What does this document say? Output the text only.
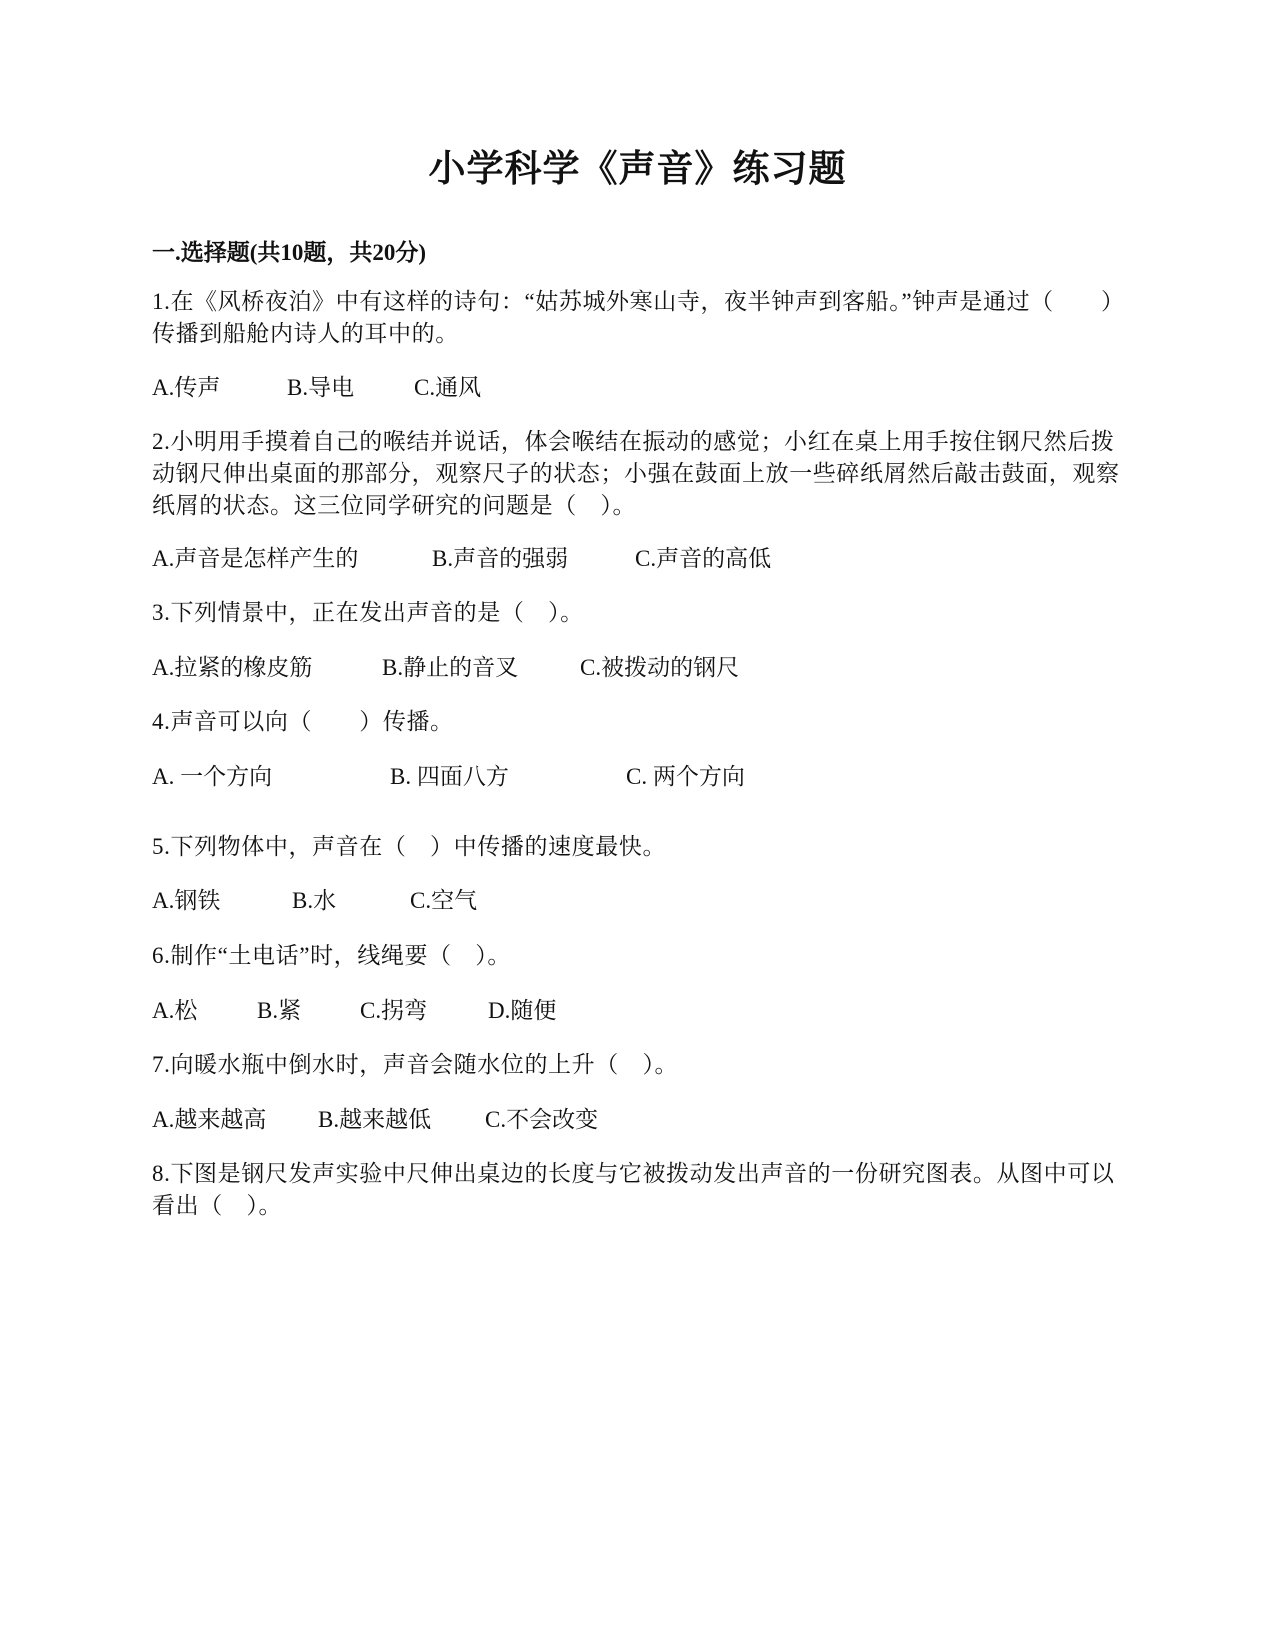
小学科学《声音》练习题
一.选择题(共10题，共20分)
1.在《风桥夜泊》中有这样的诗句：“姑苏城外寒山寺，夜半钟声到客船。”钟声是通过（　　）传播到船舱内诗人的耳中的。
A.传声	B.导电	C.通风
2.小明用手摸着自己的喉结并说话，体会喉结在振动的感觉；小红在桌上用手按住钢尺然后拨动钢尺伸出桌面的那部分，观察尺子的状态；小强在鼓面上放一些碎纸屑然后敲击鼓面，观察纸屑的状态。这三位同学研究的问题是（　）。
A.声音是怎样产生的	B.声音的强弱	C.声音的高低
3.下列情景中，正在发出声音的是（　）。
A.拉紧的橡皮筋	B.静止的音叉	C.被拨动的钢尺
4.声音可以向（　　）传播。
A. 一个方向	B. 四面八方	C. 两个方向
5.下列物体中，声音在（　）中传播的速度最快。
A.钢铁	B.水	C.空气
6.制作“土电话”时，线绳要（　）。
A.松	B.紧	C.拐弯	D.随便
7.向暖水瓶中倒水时，声音会随水位的上升（　）。
A.越来越高 B.越来越低 C.不会改变
8.下图是钢尺发声实验中尺伸出桌边的长度与它被拨动发出声音的一份研究图表。从图中可以看出（　）。
